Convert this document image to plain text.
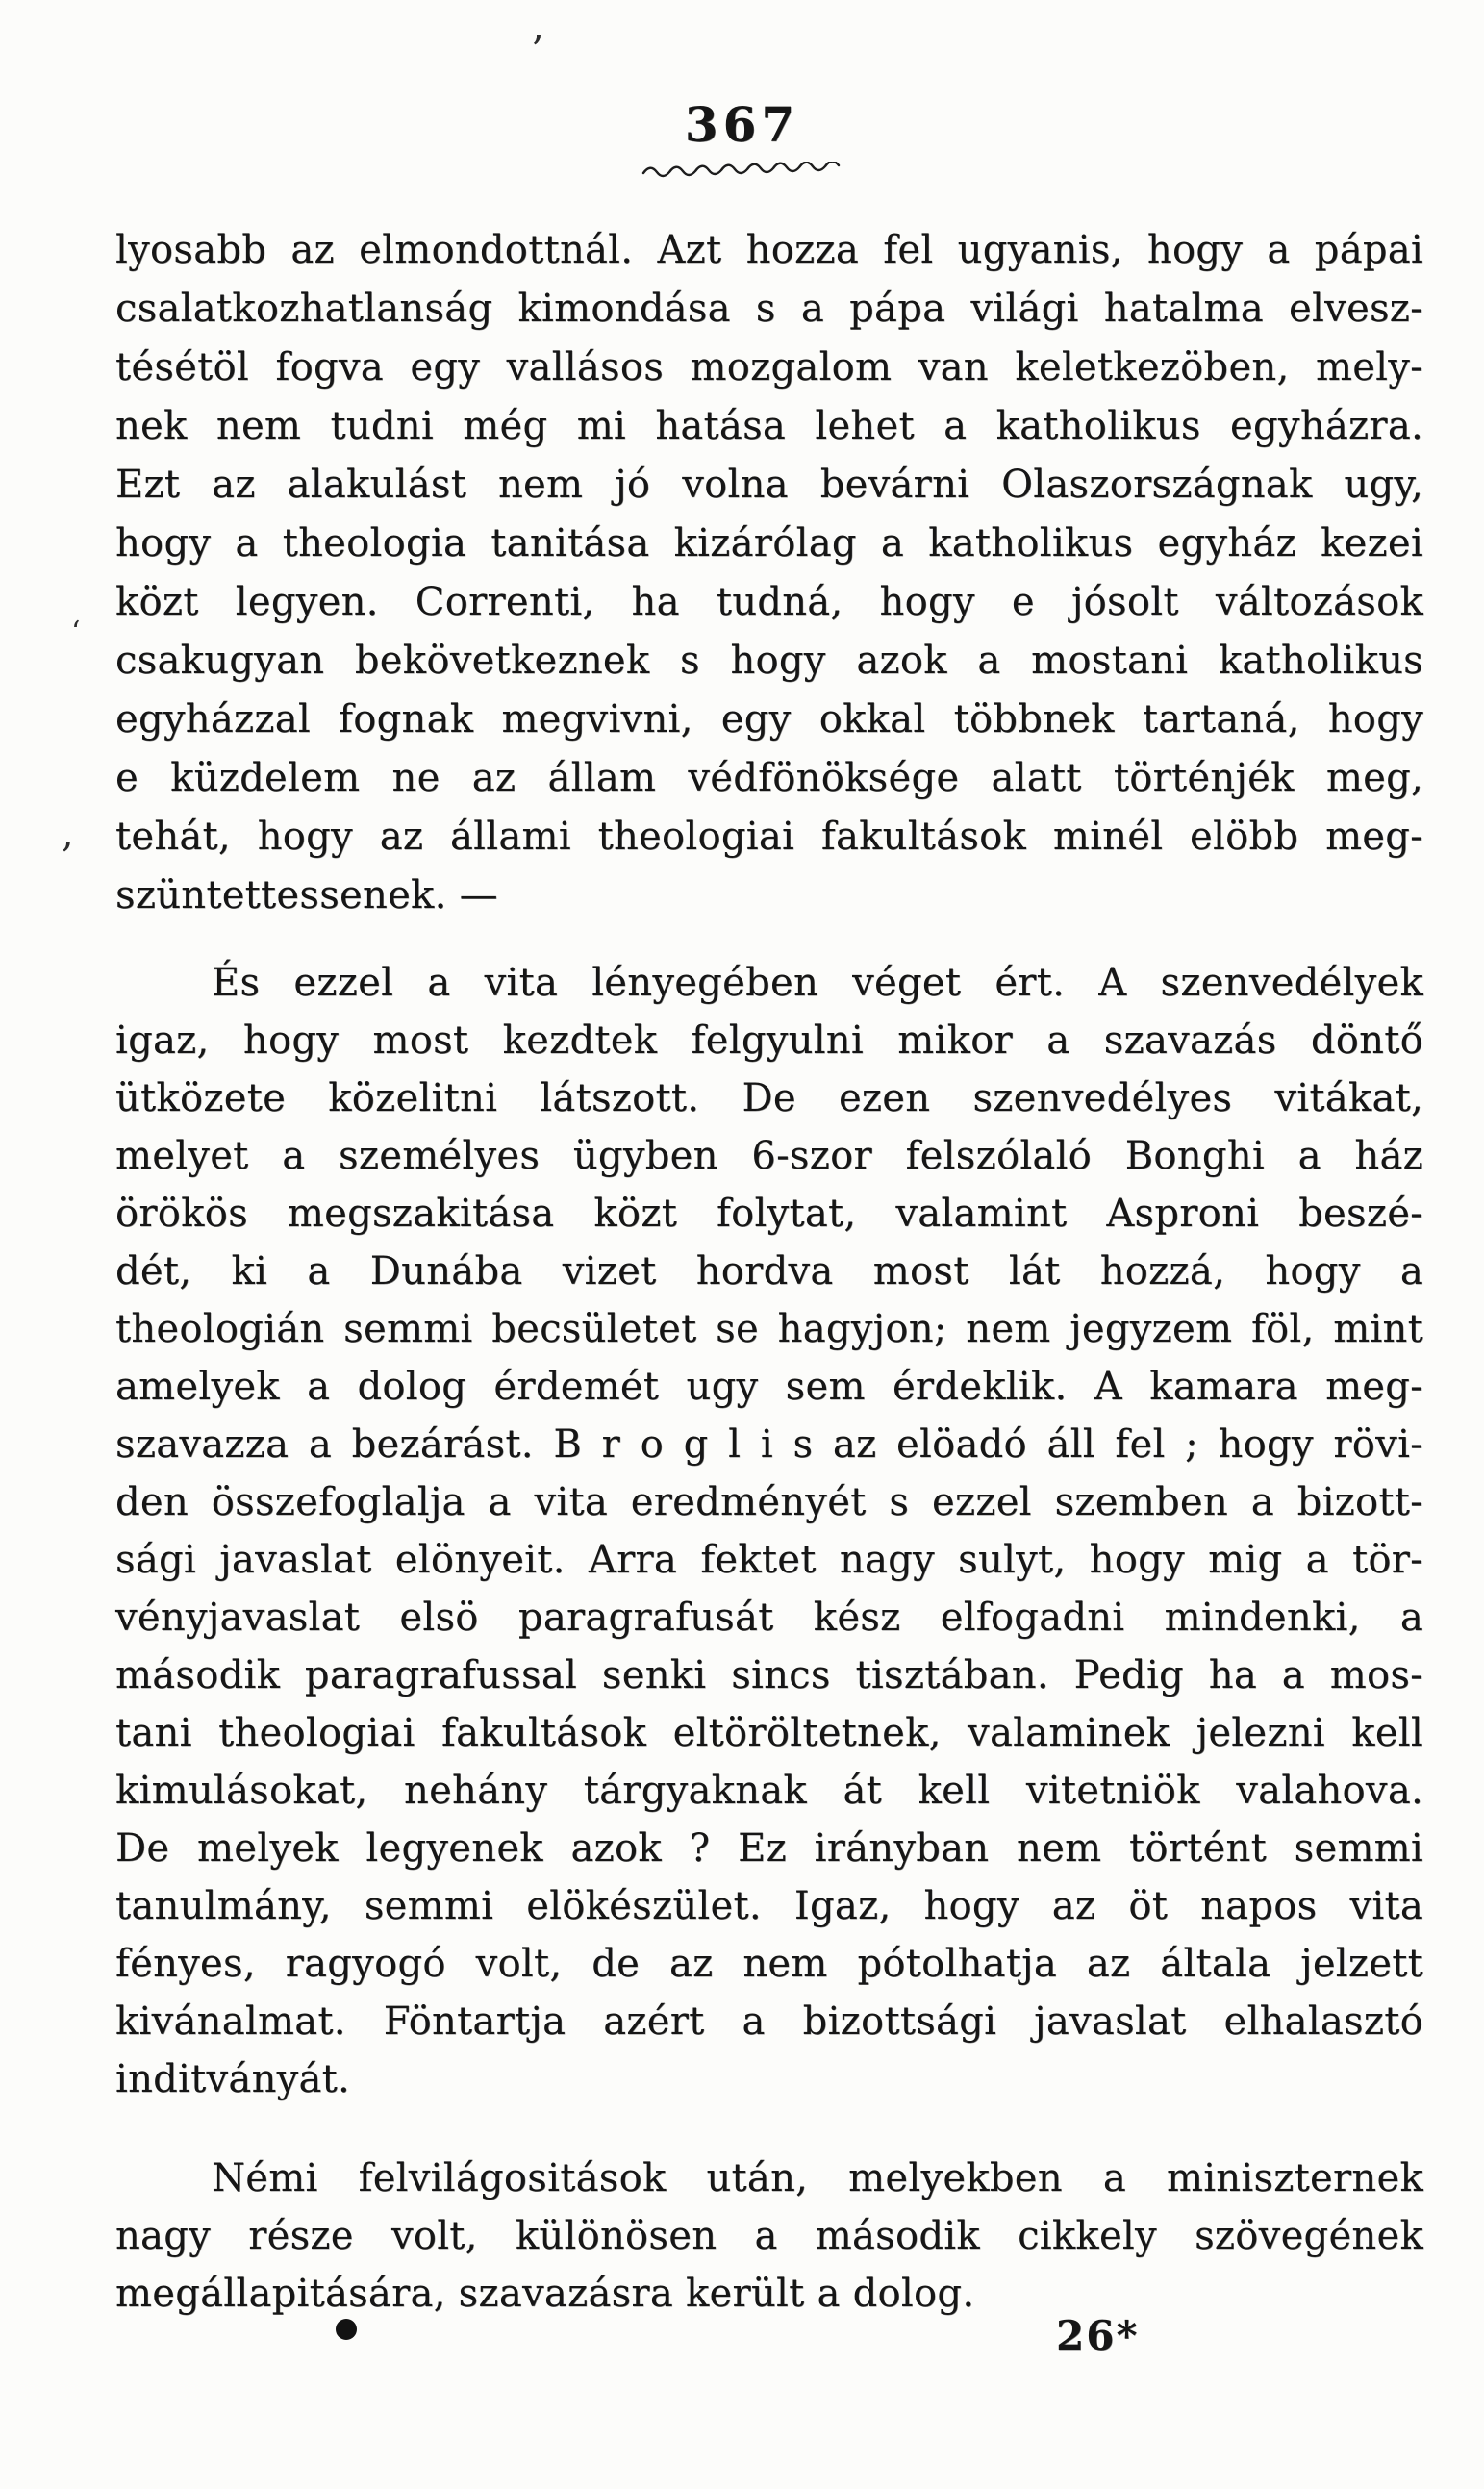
367
lyosabb az elmondottnál. Azt hozza fel ugyanis, hogy a pápai
csalatkozhatlanság kimondása s a pápa világi hatalma elvesz-
tésétöl fogva egy vallásos mozgalom van keletkezöben, mely-
nek nem tudni még mi hatása lehet a katholikus egyházra.
Ezt az alakulást nem jó volna bevárni Olaszországnak ugy,
hogy a theologia tanitása kizárólag a katholikus egyház kezei
közt legyen. Correnti, ha tudná, hogy e jósolt változások
csakugyan bekövetkeznek s hogy azok a mostani katholikus
egyházzal fognak megvivni, egy okkal többnek tartaná, hogy
e küzdelem ne az állam védfönöksége alatt történjék meg,
tehát, hogy az állami theologiai fakultások minél elöbb meg-
szüntettessenek. —
És ezzel a vita lényegében véget ért. A szenvedélyek
igaz, hogy most kezdtek felgyulni mikor a szavazás döntő
ütközete közelitni látszott. De ezen szenvedélyes vitákat,
melyet a személyes ügyben 6-szor felszólaló Bonghi a ház
örökös megszakitása közt folytat, valamint Asproni beszé-
dét, ki a Dunába vizet hordva most lát hozzá, hogy a
theologián semmi becsületet se hagyjon; nem jegyzem föl, mint
amelyek a dolog érdemét ugy sem érdeklik. A kamara meg-
szavazza a bezárást. B r o g l i s az elöadó áll fel ; hogy rövi-
den összefoglalja a vita eredményét s ezzel szemben a bizott-
sági javaslat elönyeit. Arra fektet nagy sulyt, hogy mig a tör-
vényjavaslat elsö paragrafusát kész elfogadni mindenki, a
második paragrafussal senki sincs tisztában. Pedig ha a mos-
tani theologiai fakultások eltöröltetnek, valaminek jelezni kell
kimulásokat, nehány tárgyaknak át kell vitetniök valahova.
De melyek legyenek azok ? Ez irányban nem történt semmi
tanulmány, semmi elökészület. Igaz, hogy az öt napos vita
fényes, ragyogó volt, de az nem pótolhatja az általa jelzett
kivánalmat. Föntartja azért a bizottsági javaslat elhalasztó
inditványát.
Némi felvilágositások után, melyekben a miniszternek
nagy része volt, különösen a második cikkely szövegének
megállapitására, szavazásra került a dolog.
26*
’
ʻ
,
